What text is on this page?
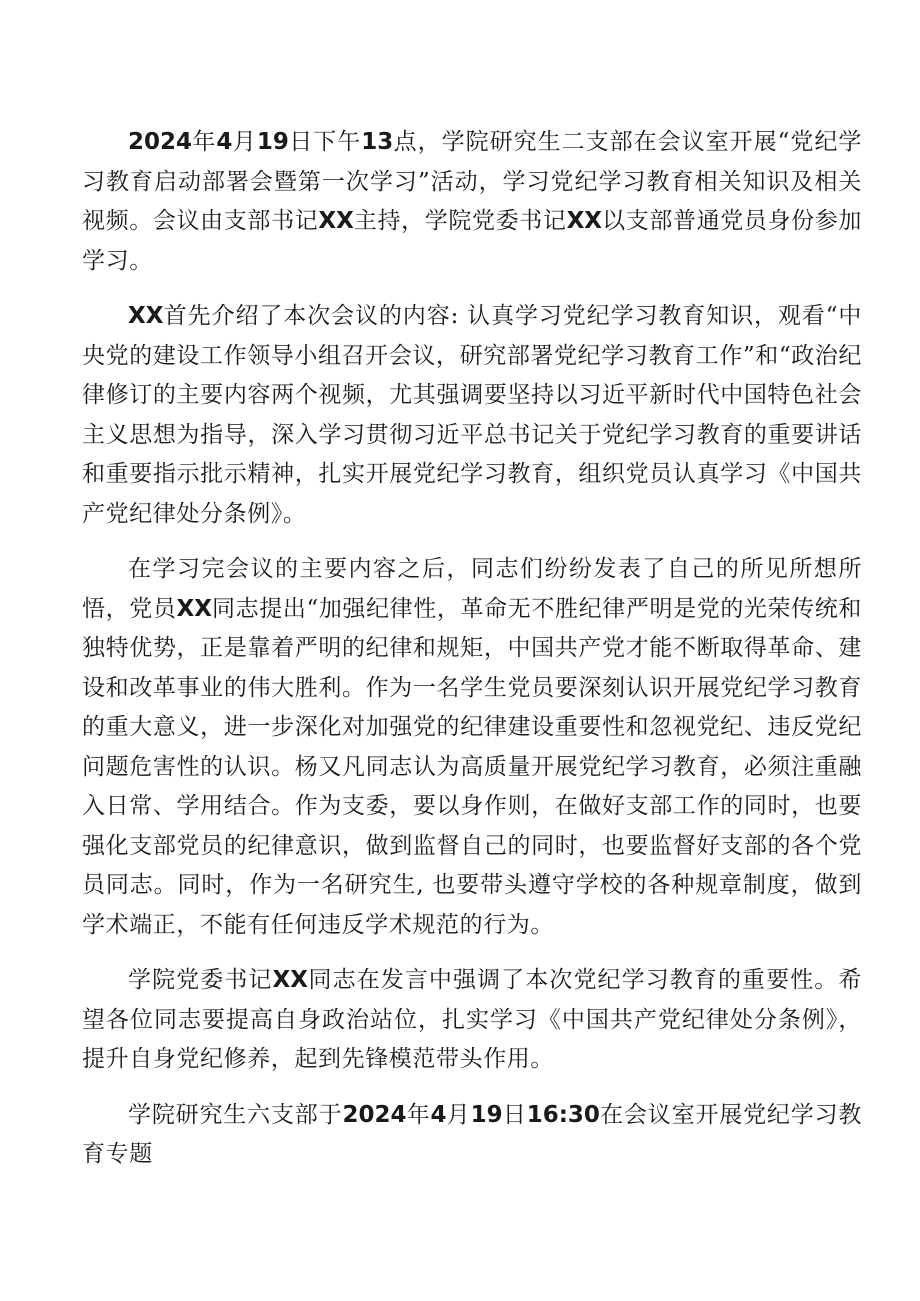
2024年4月19日下午13点，学院研究生二支部在会议室开展“党纪学习教育启动部署会暨第一次学习”活动，学习党纪学习教育相关知识及相关视频。会议由支部书记XX主持，学院党委书记XX以支部普通党员身份参加学习。

XX首先介绍了本次会议的内容: 认真学习党纪学习教育知识，观看“中央党的建设工作领导小组召开会议，研究部署党纪学习教育工作”和“政治纪律修订的主要内容两个视频，尤其强调要坚持以习近平新时代中国特色社会主义思想为指导，深入学习贯彻习近平总书记关于党纪学习教育的重要讲话和重要指示批示精神，扎实开展党纪学习教育，组织党员认真学习《中国共产党纪律处分条例》。

在学习完会议的主要内容之后，同志们纷纷发表了自己的所见所想所悟，党员XX同志提出“加强纪律性，革命无不胜纪律严明是党的光荣传统和独特优势，正是靠着严明的纪律和规矩，中国共产党才能不断取得革命、建设和改革事业的伟大胜利。作为一名学生党员要深刻认识开展党纪学习教育的重大意义，进一步深化对加强党的纪律建设重要性和忽视党纪、违反党纪问题危害性的认识。杨又凡同志认为高质量开展党纪学习教育，必须注重融入日常、学用结合。作为支委，要以身作则，在做好支部工作的同时，也要强化支部党员的纪律意识，做到监督自己的同时，也要监督好支部的各个党员同志。同时，作为一名研究生, 也要带头遵守学校的各种规章制度，做到学术端正，不能有任何违反学术规范的行为。

学院党委书记XX同志在发言中强调了本次党纪学习教育的重要性。希望各位同志要提高自身政治站位，扎实学习《中国共产党纪律处分条例》，提升自身党纪修养，起到先锋模范带头作用。

学院研究生六支部于2024年4月19日16:30在会议室开展党纪学习教育专题
